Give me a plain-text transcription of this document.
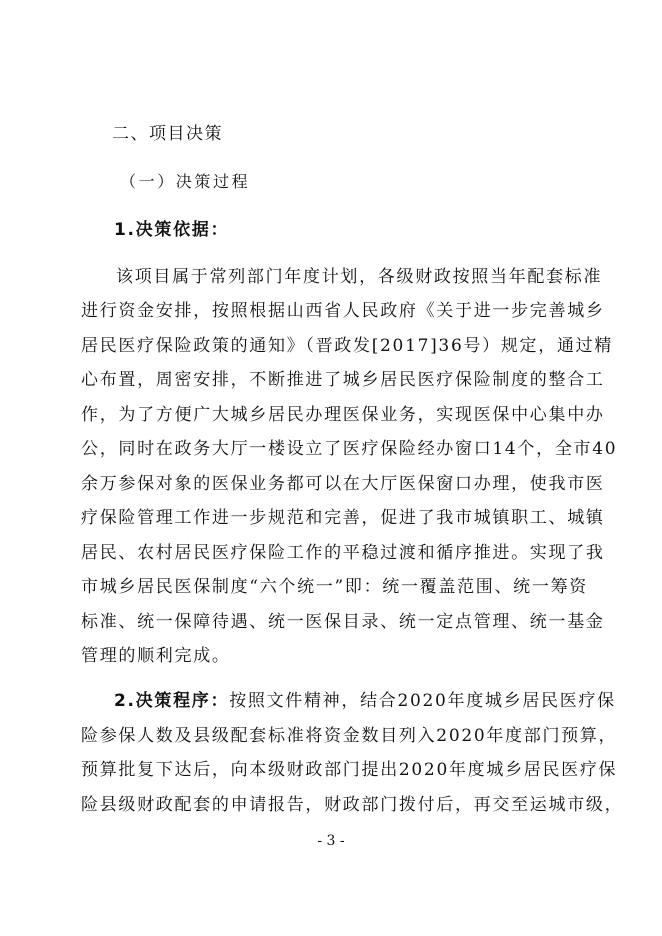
二、项目决策
（一）决策过程
1.决策依据：
该项目属于常列部门年度计划，各级财政按照当年配套标准
进行资金安排，按照根据山西省人民政府《关于进一步完善城乡
居民医疗保险政策的通知》（晋政发[2017]36号）规定，通过精
心布置，周密安排，不断推进了城乡居民医疗保险制度的整合工
作，为了方便广大城乡居民办理医保业务，实现医保中心集中办
公，同时在政务大厅一楼设立了医疗保险经办窗口14个，全市40
余万参保对象的医保业务都可以在大厅医保窗口办理，使我市医
疗保险管理工作进一步规范和完善，促进了我市城镇职工、城镇
居民、农村居民医疗保险工作的平稳过渡和循序推进。实现了我
市城乡居民医保制度“六个统一”即：统一覆盖范围、统一筹资
标准、统一保障待遇、统一医保目录、统一定点管理、统一基金
管理的顺利完成。
2.决策程序：按照文件精神，结合2020年度城乡居民医疗保
险参保人数及县级配套标准将资金数目列入2020年度部门预算，
预算批复下达后，向本级财政部门提出2020年度城乡居民医疗保
险县级财政配套的申请报告，财政部门拨付后，再交至运城市级，
- 3 -
